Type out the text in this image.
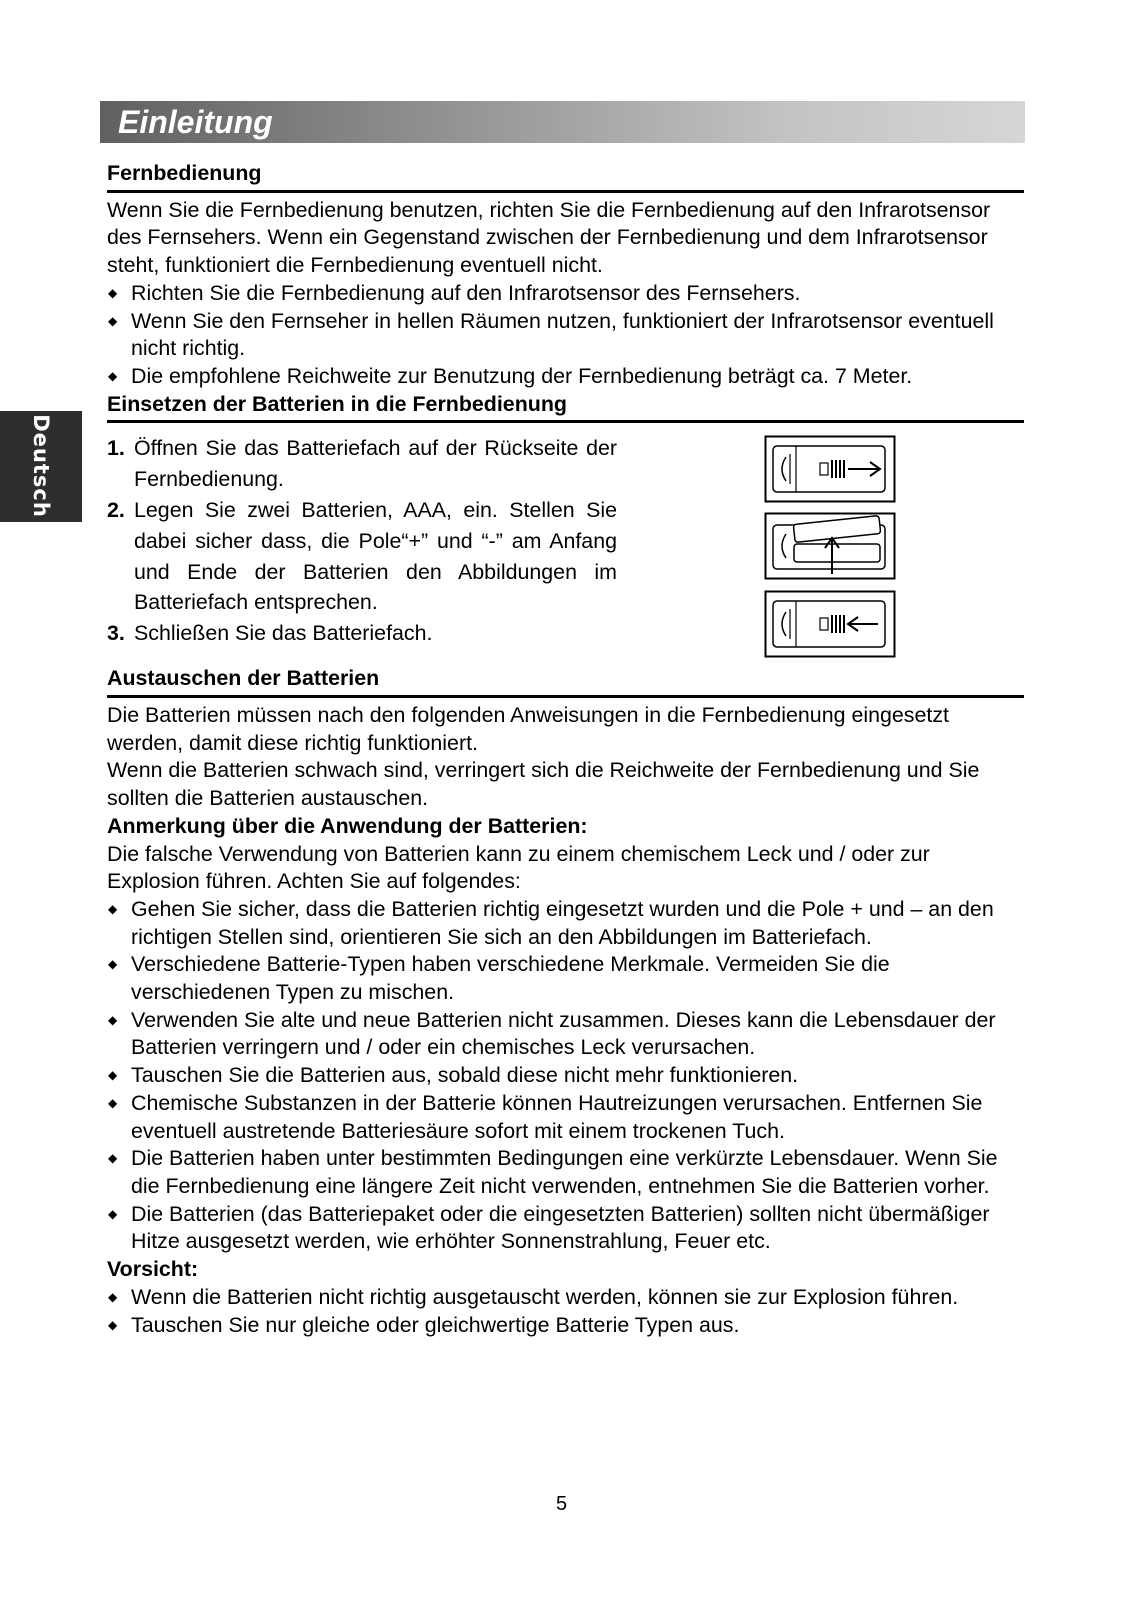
Einleitung
Deutsch

Fernbedienung

Wenn Sie die Fernbedienung benutzen, richten Sie die Fernbedienung auf den Infrarotsensor des Fernsehers. Wenn ein Gegenstand zwischen der Fernbedienung und dem Infrarotsensor steht, funktioniert die Fernbedienung eventuell nicht.

◆ Richten Sie die Fernbedienung auf den Infrarotsensor des Fernsehers.

◆ Wenn Sie den Fernseher in hellen Räumen nutzen, funktioniert der Infrarotsensor eventuell nicht richtig.

◆ Die empfohlene Reichweite zur Benutzung der Fernbedienung beträgt ca. 7 Meter.

Einsetzen der Batterien in die Fernbedienung

1. Öffnen Sie das Batteriefach auf der Rückseite der Fernbedienung.

2. Legen Sie zwei Batterien, AAA, ein. Stellen Sie dabei sicher dass, die Pole“+” und “-” am Anfang und Ende der Batterien den Abbildungen im Batteriefach entsprechen.

3. Schließen Sie das Batteriefach.

Austauschen der Batterien

Die Batterien müssen nach den folgenden Anweisungen in die Fernbedienung eingesetzt werden, damit diese richtig funktioniert.

Wenn die Batterien schwach sind, verringert sich die Reichweite der Fernbedienung und Sie sollten die Batterien austauschen.

Anmerkung über die Anwendung der Batterien:

Die falsche Verwendung von Batterien kann zu einem chemischem Leck und / oder zur Explosion führen. Achten Sie auf folgendes:

◆ Gehen Sie sicher, dass die Batterien richtig eingesetzt wurden und die Pole + und – an den richtigen Stellen sind, orientieren Sie sich an den Abbildungen im Batteriefach.

◆ Verschiedene Batterie-Typen haben verschiedene Merkmale. Vermeiden Sie die verschiedenen Typen zu mischen.

◆ Verwenden Sie alte und neue Batterien nicht zusammen. Dieses kann die Lebensdauer der Batterien verringern und / oder ein chemisches Leck verursachen.

◆ Tauschen Sie die Batterien aus, sobald diese nicht mehr funktionieren.

◆ Chemische Substanzen in der Batterie können Hautreizungen verursachen. Entfernen Sie eventuell austretende Batteriesäure sofort mit einem trockenen Tuch.

◆ Die Batterien haben unter bestimmten Bedingungen eine verkürzte Lebensdauer. Wenn Sie die Fernbedienung eine längere Zeit nicht verwenden, entnehmen Sie die Batterien vorher.

◆ Die Batterien (das Batteriepaket oder die eingesetzten Batterien) sollten nicht übermäßiger Hitze ausgesetzt werden, wie erhöhter Sonnenstrahlung, Feuer etc.

Vorsicht:

◆ Wenn die Batterien nicht richtig ausgetauscht werden, können sie zur Explosion führen.

◆ Tauschen Sie nur gleiche oder gleichwertige Batterie Typen aus.

5
